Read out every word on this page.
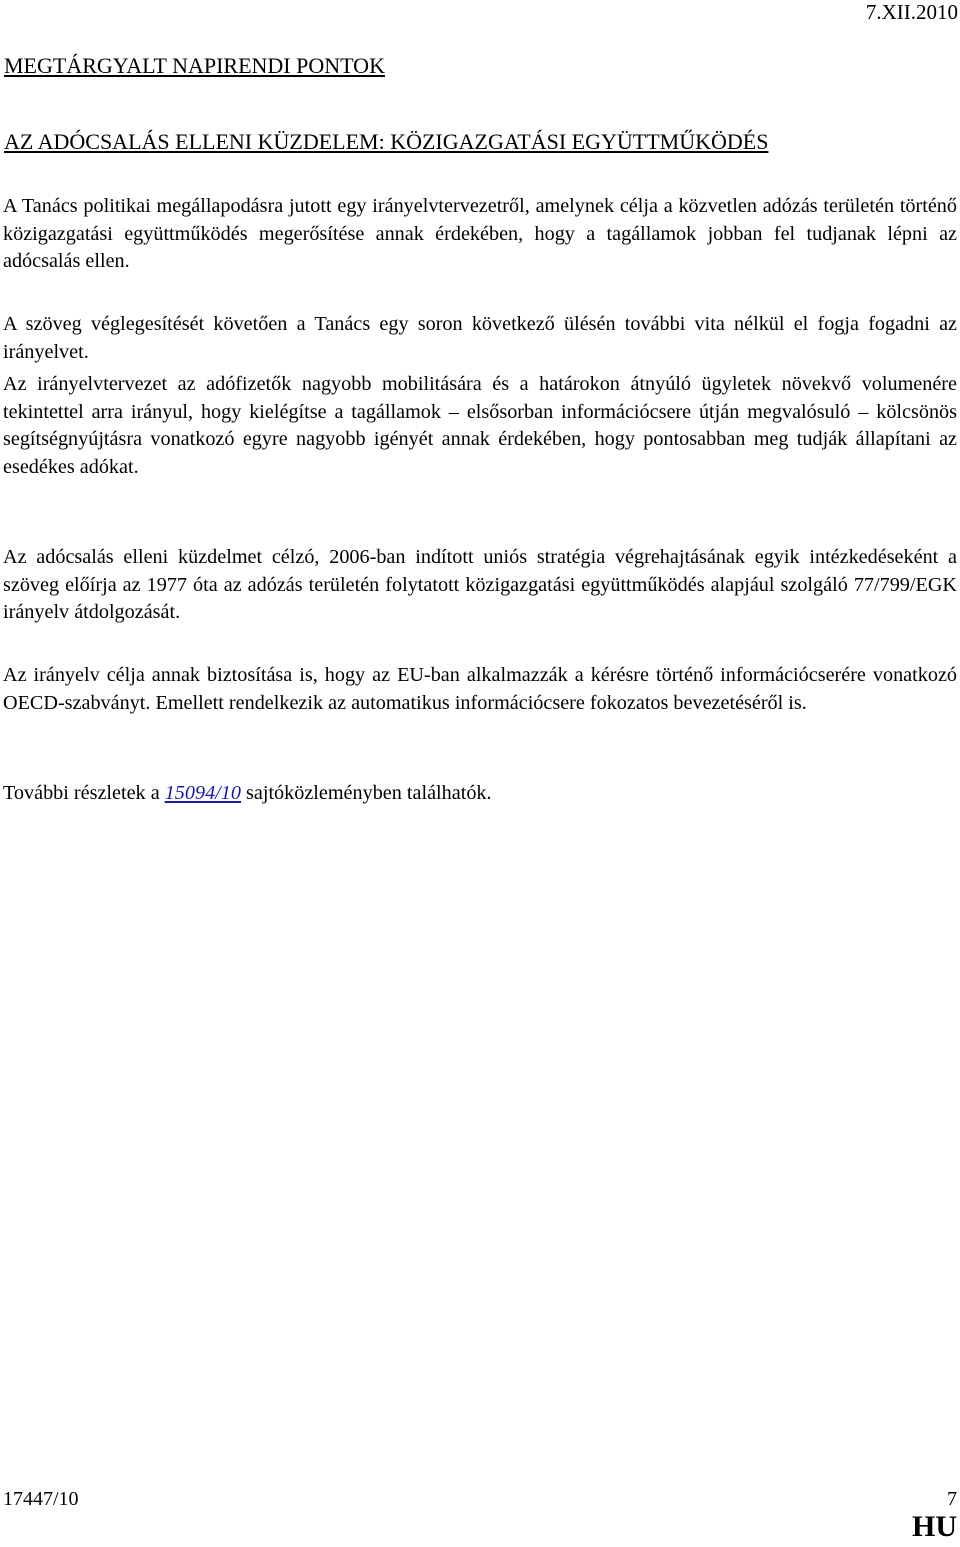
7.XII.2010
MEGTÁRGYALT NAPIRENDI PONTOK
AZ ADÓCSALÁS ELLENI KÜZDELEM: KÖZIGAZGATÁSI EGYÜTTMŰKÖDÉS

A Tanács politikai megállapodásra jutott egy irányelvtervezetről, amelynek célja a közvetlen adózás területén történő közigazgatási együttműködés megerősítése annak érdekében, hogy a tagállamok jobban fel tudjanak lépni az adócsalás ellen.

A szöveg véglegesítését követően a Tanács egy soron következő ülésén további vita nélkül el fogja fogadni az irányelvet.

Az irányelvtervezet az adófizetők nagyobb mobilitására és a határokon átnyúló ügyletek növekvő volumenére tekintettel arra irányul, hogy kielégítse a tagállamok – elsősorban információcsere útján megvalósuló – kölcsönös segítségnyújtásra vonatkozó egyre nagyobb igényét annak érdekében, hogy pontosabban meg tudják állapítani az esedékes adókat.

Az adócsalás elleni küzdelmet célzó, 2006-ban indított uniós stratégia végrehajtásának egyik intézkedéseként a szöveg előírja az 1977 óta az adózás területén folytatott közigazgatási együttműködés alapjául szolgáló 77/799/EGK irányelv átdolgozását.

Az irányelv célja annak biztosítása is, hogy az EU-ban alkalmazzák a kérésre történő információcserére vonatkozó OECD-szabványt. Emellett rendelkezik az automatikus információcsere fokozatos bevezetéséről is.

További részletek a 15094/10 sajtóközleményben találhatók.

17447/10	7
HU
